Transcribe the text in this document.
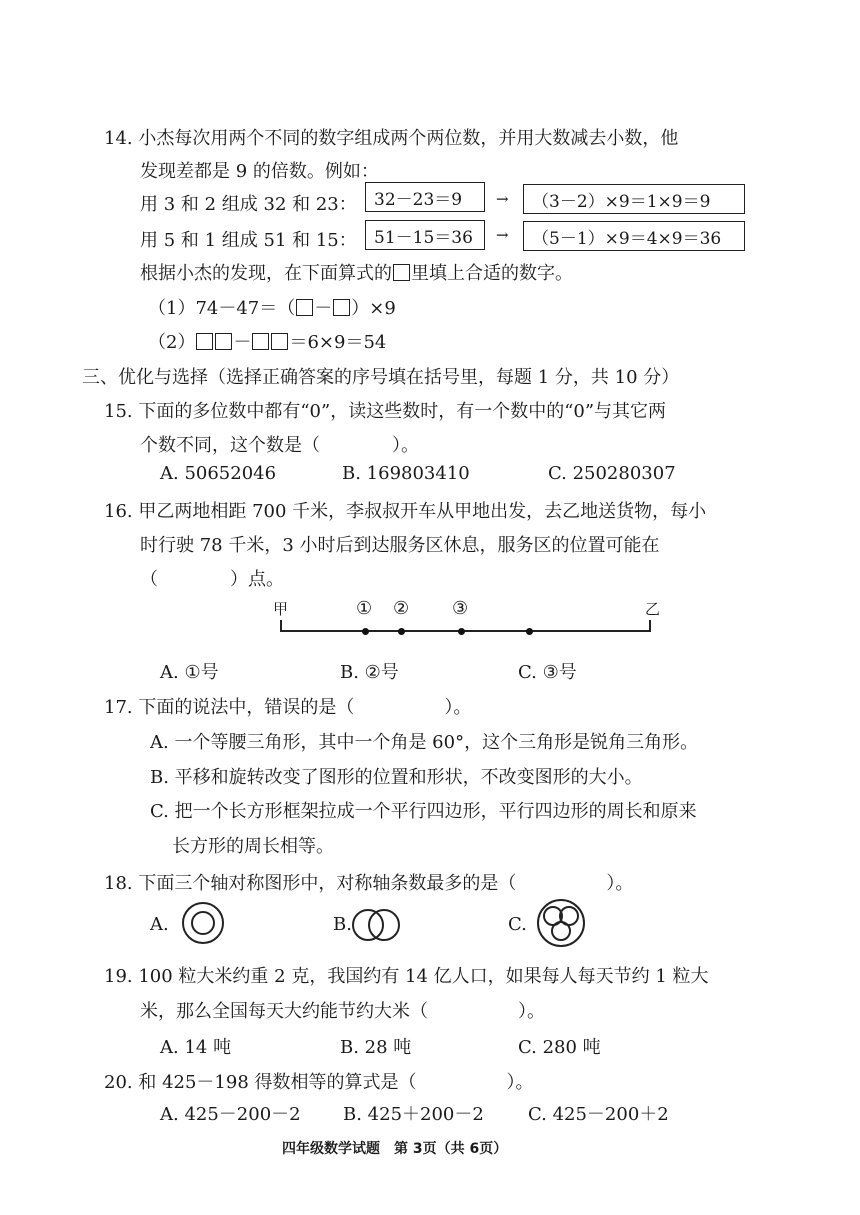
14. 小杰每次用两个不同的数字组成两个两位数，并用大数减去小数，他
发现差都是 9 的倍数。例如：
用 3 和 2 组成 32 和 23：	32－23＝9	→	（3－2）×9＝1×9＝9
用 5 和 1 组成 51 和 15：	51－15＝36	→	（5－1）×9＝4×9＝36
根据小杰的发现，在下面算式的 里填上合适的数字。
（1）74－47＝（ － ）×9
（2） － ＝6×9＝54
三、优化与选择（选择正确答案的序号填在括号里，每题 1 分，共 10 分）
15. 下面的多位数中都有“0”，读这些数时，有一个数中的“0”与其它两
个数不同，这个数是（　　　　）。
A. 50652046	B. 169803410	C. 250280307
16. 甲乙两地相距 700 千米，李叔叔开车从甲地出发，去乙地送货物，每小
时行驶 78 千米，3 小时后到达服务区休息，服务区的位置可能在
（　　　　）点。
甲	乙
① ② ③
A. ①号	B. ②号	C. ③号
17. 下面的说法中，错误的是（　　　　　）。
A. 一个等腰三角形，其中一个角是 60°，这个三角形是锐角三角形。
B. 平移和旋转改变了图形的位置和形状，不改变图形的大小。
C. 把一个长方形框架拉成一个平行四边形，平行四边形的周长和原来
长方形的周长相等。
18. 下面三个轴对称图形中，对称轴条数最多的是（　　　　　）。
A.	B.	C.
19. 100 粒大米约重 2 克，我国约有 14 亿人口，如果每人每天节约 1 粒大
米，那么全国每天大约能节约大米（　　　　　）。
A. 14 吨	B. 28 吨	C. 280 吨
20. 和 425－198 得数相等的算式是（　　　　　）。
A. 425－200－2 B. 425＋200－2 C. 425－200＋2
四年级数学试题　第 3页（共 6页）
